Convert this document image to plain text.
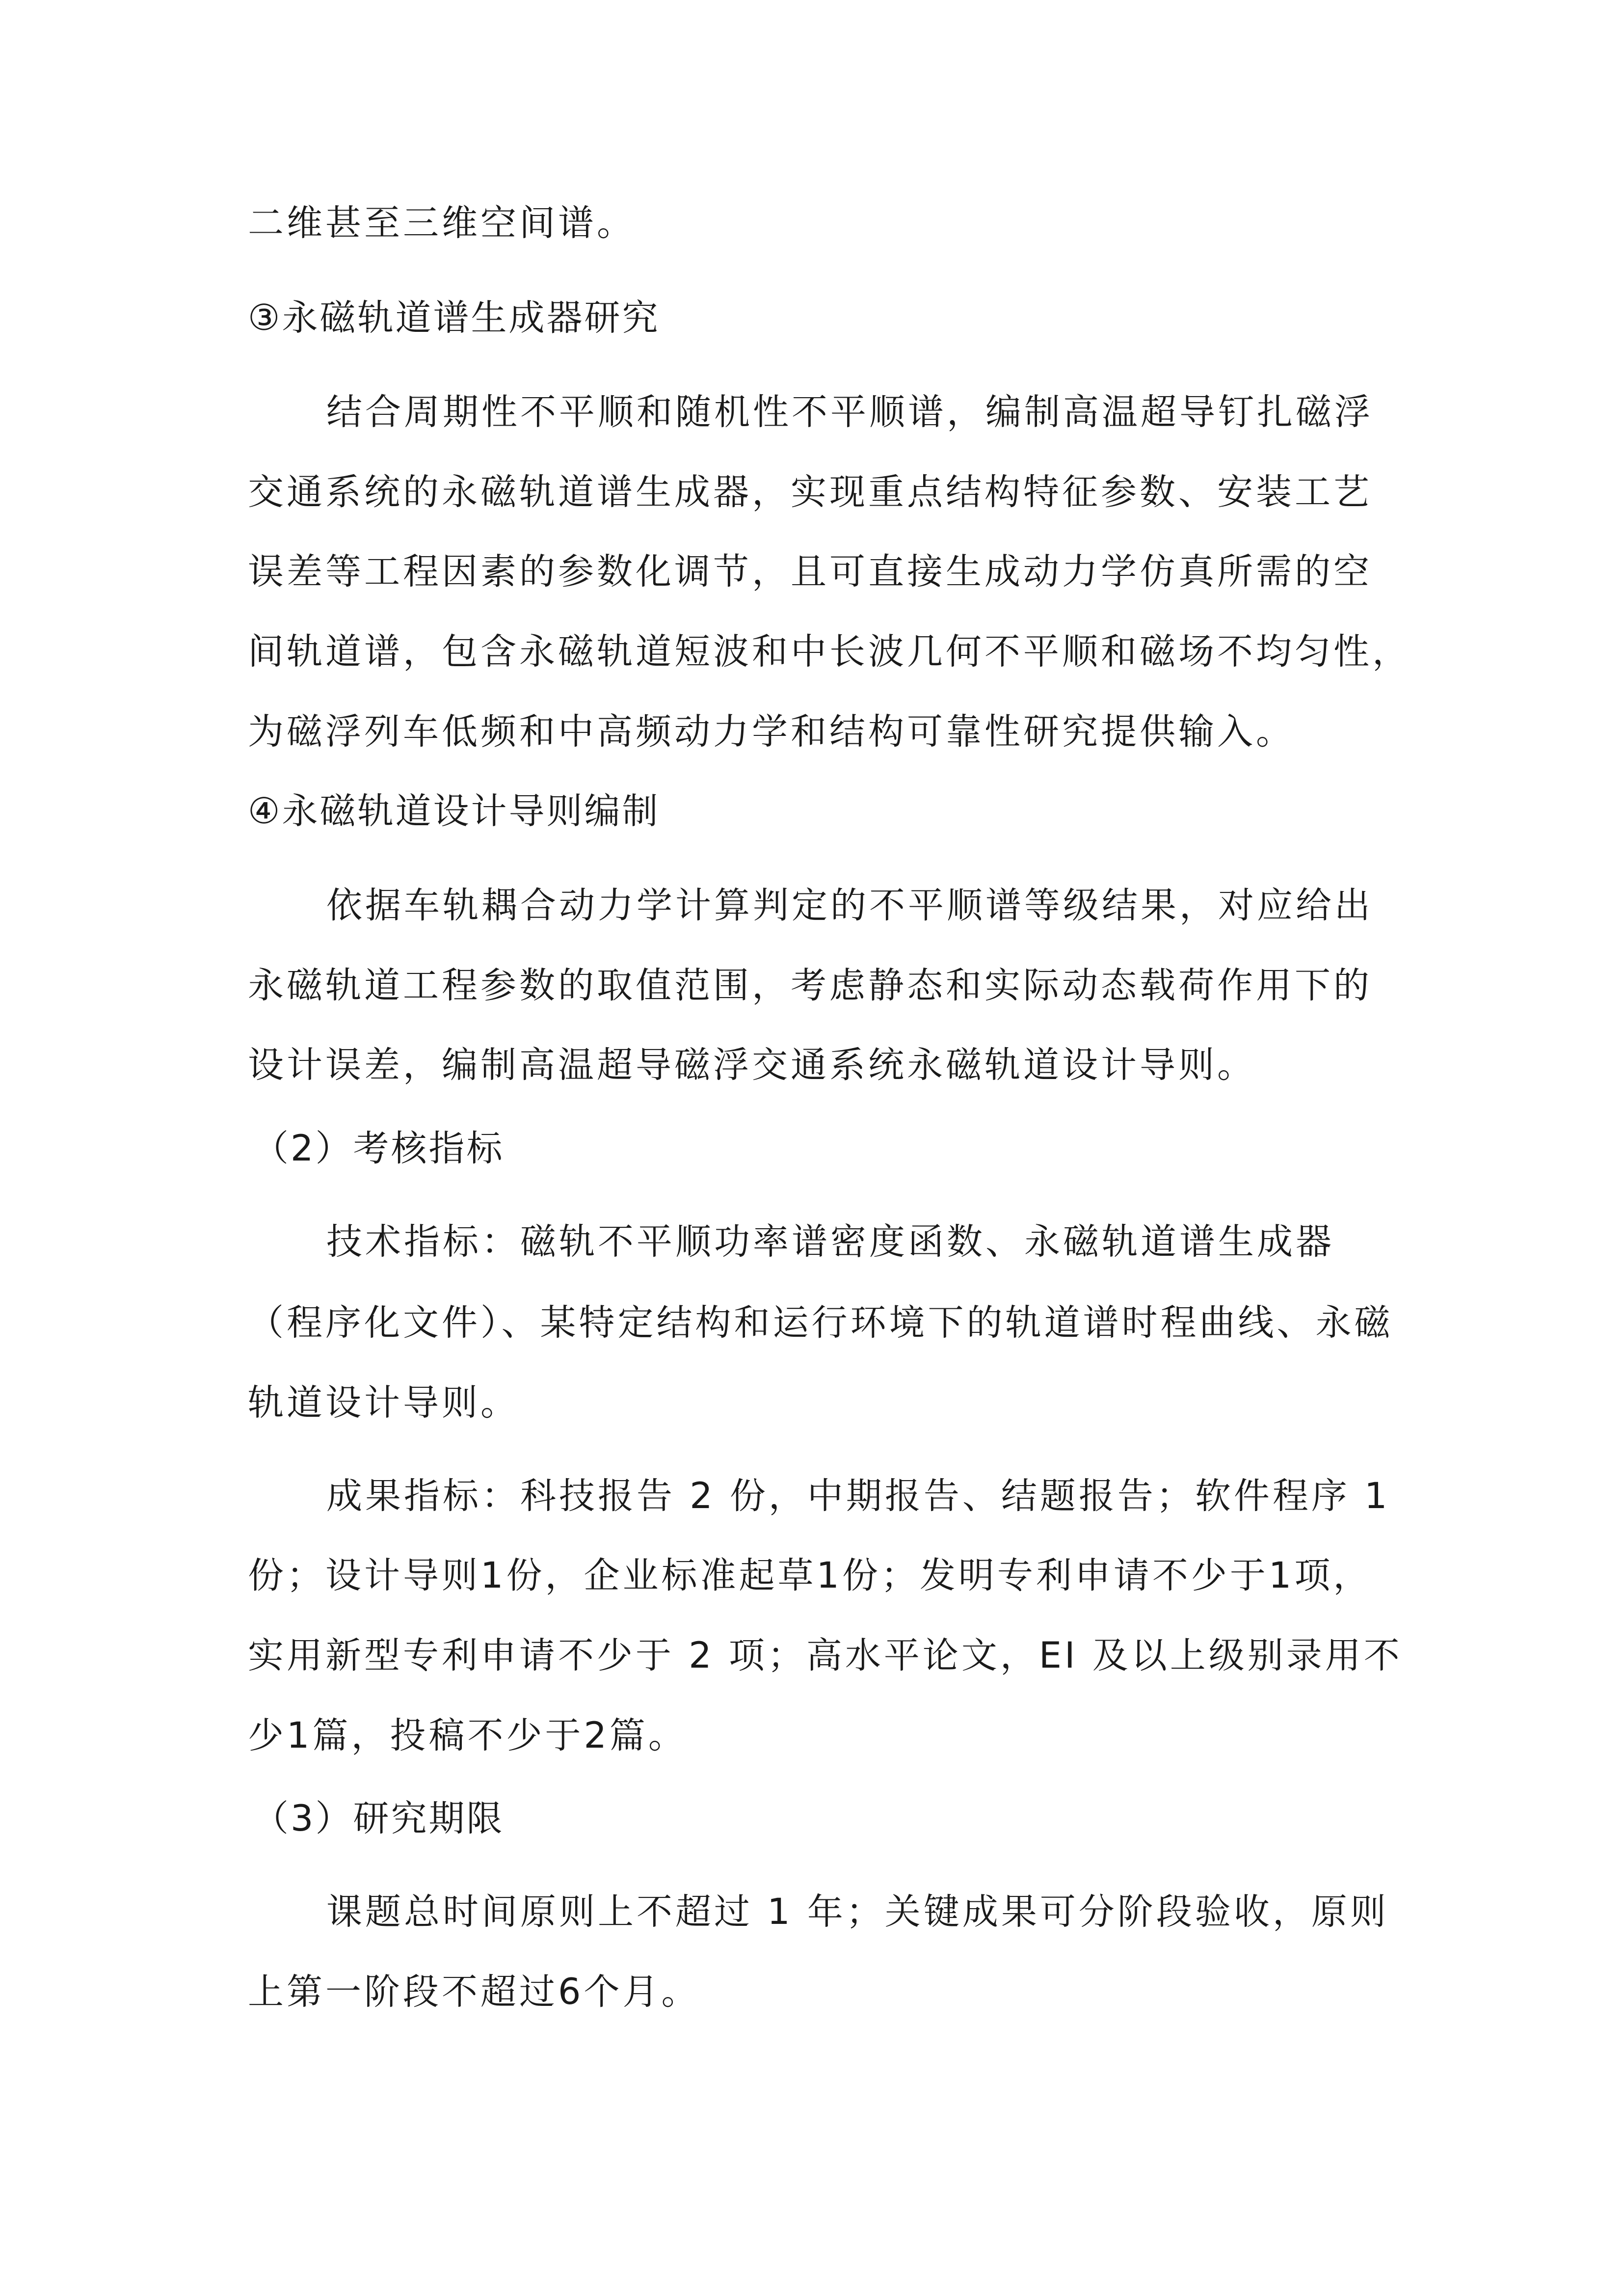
二维甚至三维空间谱。
③永磁轨道谱生成器研究
结合周期性不平顺和随机性不平顺谱，编制高温超导钉扎磁浮
交通系统的永磁轨道谱生成器，实现重点结构特征参数、安装工艺
误差等工程因素的参数化调节，且可直接生成动力学仿真所需的空
间轨道谱，包含永磁轨道短波和中长波几何不平顺和磁场不均匀性，
为磁浮列车低频和中高频动力学和结构可靠性研究提供输入。
④永磁轨道设计导则编制
依据车轨耦合动力学计算判定的不平顺谱等级结果，对应给出
永磁轨道工程参数的取值范围，考虑静态和实际动态载荷作用下的
设计误差，编制高温超导磁浮交通系统永磁轨道设计导则。
（2）考核指标
技术指标：磁轨不平顺功率谱密度函数、永磁轨道谱生成器
（程序化文件）、某特定结构和运行环境下的轨道谱时程曲线、永磁
轨道设计导则。
成果指标：科技报告 2 份，中期报告、结题报告；软件程序 1
份；设计导则1份，企业标准起草1份；发明专利申请不少于1项，
实用新型专利申请不少于 2 项；高水平论文，EI 及以上级别录用不
少1篇，投稿不少于2篇。
（3）研究期限
课题总时间原则上不超过 1 年；关键成果可分阶段验收，原则
上第一阶段不超过6个月。
